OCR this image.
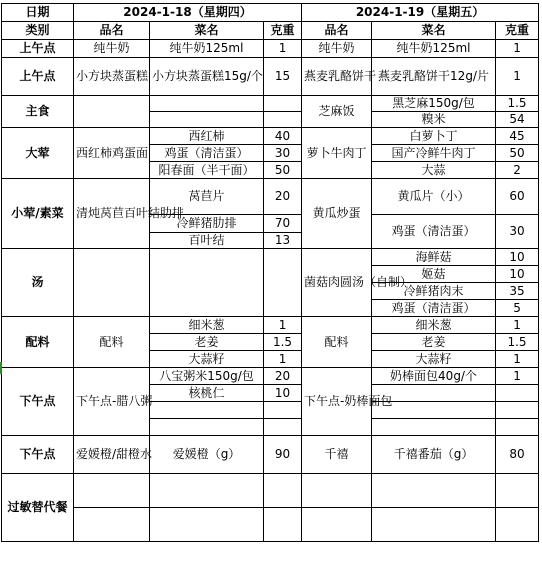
日期	2024-1-18（星期四）			2024-1-19（星期五）		
类别	品名	菜名	克重	品名	菜名	克重
上午点	纯牛奶	纯牛奶125ml	1	纯牛奶	纯牛奶125ml	1
上午点	小方块蒸蛋糕	小方块蒸蛋糕15g/个	15	燕麦乳酪饼干	燕麦乳酪饼干12g/片	1
主食				芝麻饭	黑芝麻150g/包	1.5
					糗米	54
大荤	西红柿鸡蛋面	西红柿	40	萝卜牛肉丁	白萝卜丁	45
		鸡蛋（清洁蛋）	30		国产冷鲜牛肉丁	50
		阳春面（半干面）	50		大蒜	2
小荤/素菜	清炖莴苣百叶结肋排	莴苣片	20	黄瓜炒蛋	黄瓜片（小）	60
		冷鲜猪肋排	70		鸡蛋（清洁蛋）	30
		百叶结	13			
汤				菌菇肉圆汤（自制）	海鲜菇	10
					姬菇	10
					冷鲜猪肉末	35
					鸡蛋（清洁蛋）	5
配料	配料	细米葱	1	配料	细米葱	1
		老姜	1.5		老姜	1.5
		大蒜籽	1		大蒜籽	1
下午点	下午点-腊八粥	八宝粥米150g/包	20	下午点-奶棒面包	奶棒面包40g/个	1
		核桃仁	10			

下午点	爱媛橙/甜橙水	爱媛橙（g）	90	千禧	千禧番茄（g）	80
过敏替代餐						
